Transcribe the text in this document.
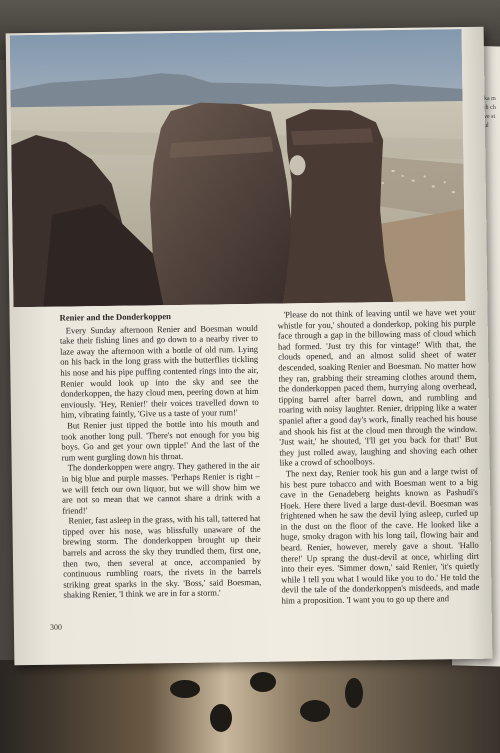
ka m di ch ve st ul
Renier and the Donderkoppen

Every Sunday afternoon Renier and Boesman would take their fishing lines and go down to a nearby river to laze away the afternoon with a bottle of old rum. Lying on his back in the long grass with the butterflies tickling his nose and his pipe puffing contented rings into the air, Renier would look up into the sky and see the donderkoppen, the hazy cloud men, peering down at him enviously. 'Hey, Renier!' their voices travelled down to him, vibrating faintly, 'Give us a taste of your rum!'

But Renier just tipped the bottle into his mouth and took another long pull. 'There's not enough for you big boys. Go and get your own tipple!' And the last of the rum went gurgling down his throat.

The donderkoppen were angry. They gathered in the air in big blue and purple masses. 'Perhaps Renier is right – we will fetch our own liquor, but we will show him we are not so mean that we cannot share a drink with a friend!'

Renier, fast asleep in the grass, with his tall, tattered hat tipped over his nose, was blissfully unaware of the brewing storm. The donderkoppen brought up their barrels and across the sky they trundled them, first one, then two, then several at once, accompanied by continuous rumbling roars, the rivets in the barrels striking great sparks in the sky. 'Boss,' said Boesman, shaking Renier, 'I think we are in for a storm.'

'Please do not think of leaving until we have wet your whistle for you,' shouted a donderkop, poking his purple face through a gap in the billowing mass of cloud which had formed. 'Just try this for vintage!' With that, the clouds opened, and an almost solid sheet of water descended, soaking Renier and Boesman. No matter how they ran, grabbing their streaming clothes around them, the donderkoppen paced them, hurrying along overhead, tipping barrel after barrel down, and rumbling and roaring with noisy laughter. Renier, dripping like a water spaniel after a good day's work, finally reached his house and shook his fist at the cloud men through the window. 'Just wait,' he shouted, 'I'll get you back for that!' But they just rolled away, laughing and shoving each other like a crowd of schoolboys.

The next day, Renier took his gun and a large twist of his best pure tobacco and with Boesman went to a big cave in the Genadeberg heights known as Pashudi's Hoek. Here there lived a large dust-devil. Boesman was frightened when he saw the devil lying asleep, curled up in the dust on the floor of the cave. He looked like a huge, smoky dragon with his long tail, flowing hair and beard. Renier, however, merely gave a shout. 'Hallo there!' Up sprang the dust-devil at once, whirling dirt into their eyes. 'Simmer down,' said Renier, 'it's quietly while I tell you what I would like you to do.' He told the devil the tale of the donderkoppen's misdeeds, and made him a proposition. 'I want you to go up there and

300
